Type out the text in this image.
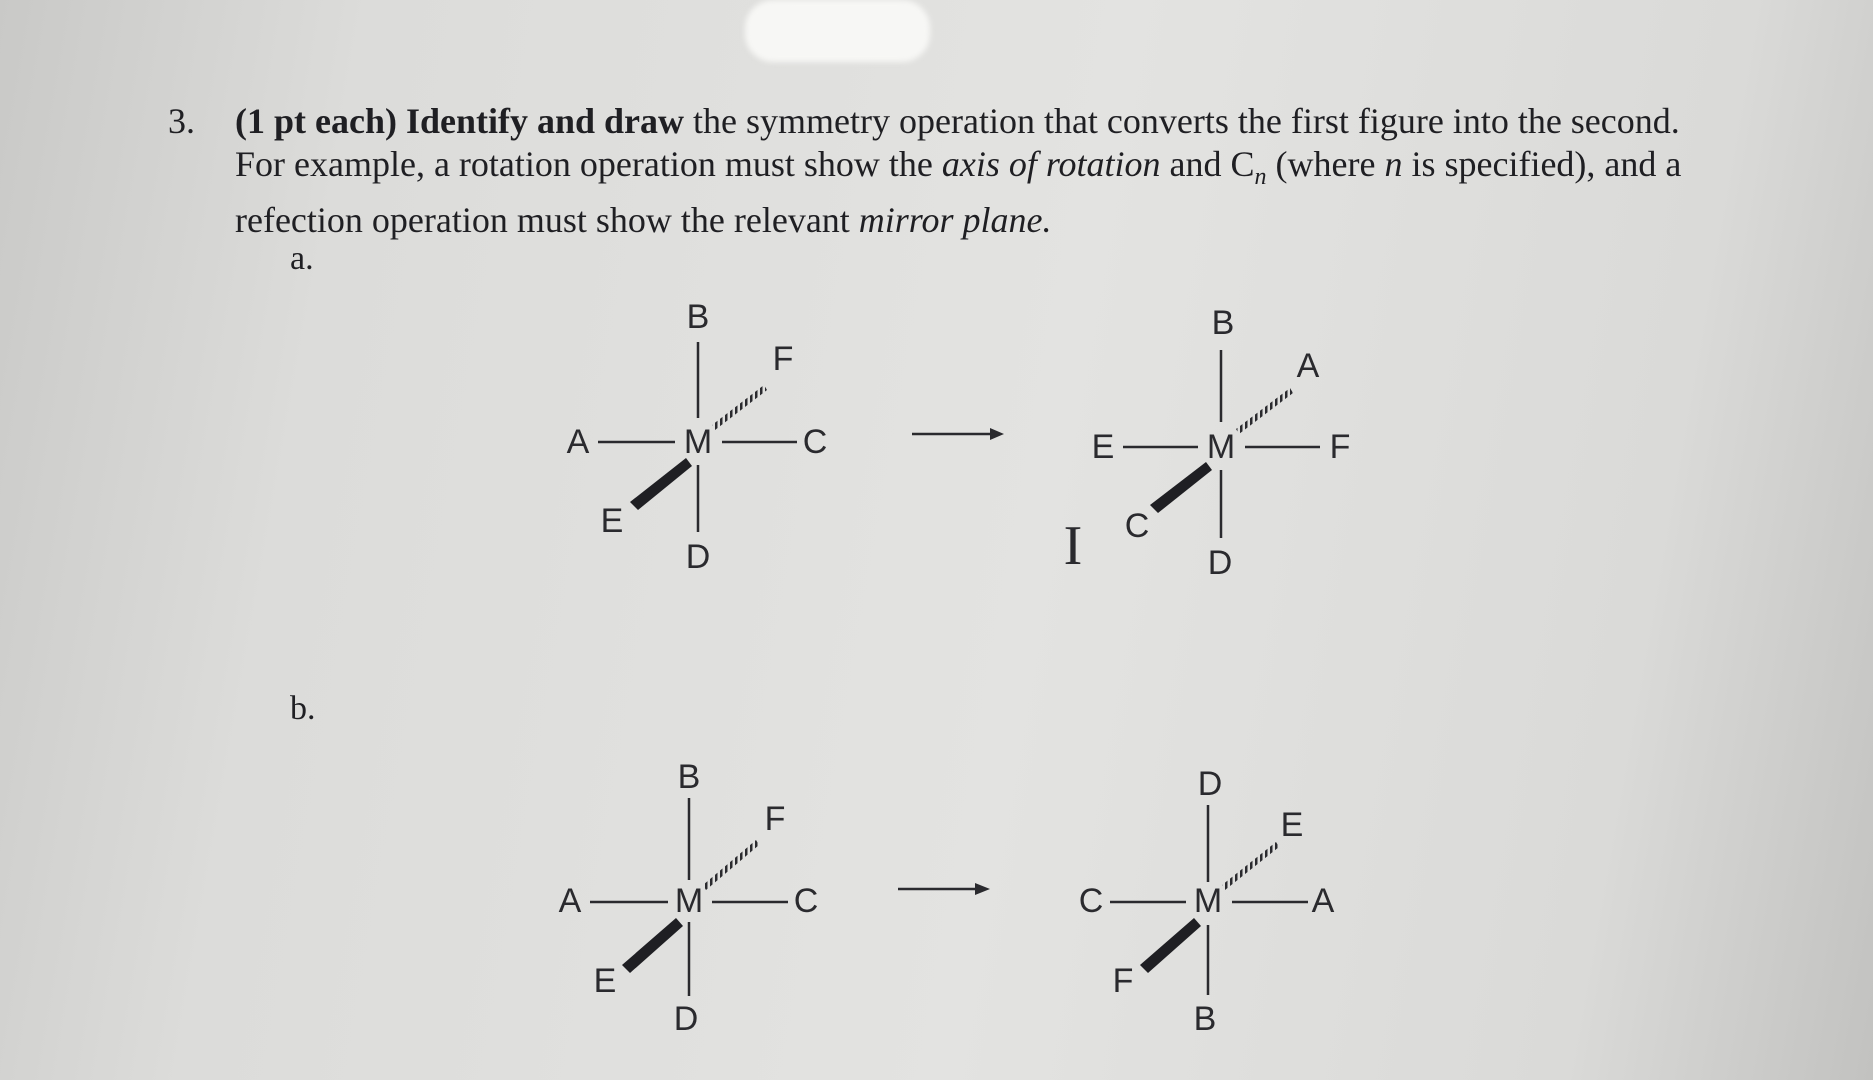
3. (1 pt each) Identify and draw the symmetry operation that converts the first figure into the second. For example, a rotation operation must show the axis of rotation and $C_n$ (where n is specified), and a refection operation must show the relevant mirror plane.
a.
b.
M
B
D
A	C
E
F
M
B
D
E	F
C
A
I
M
B
D
A	C
E
F
M
D
B
C	A
F
E
